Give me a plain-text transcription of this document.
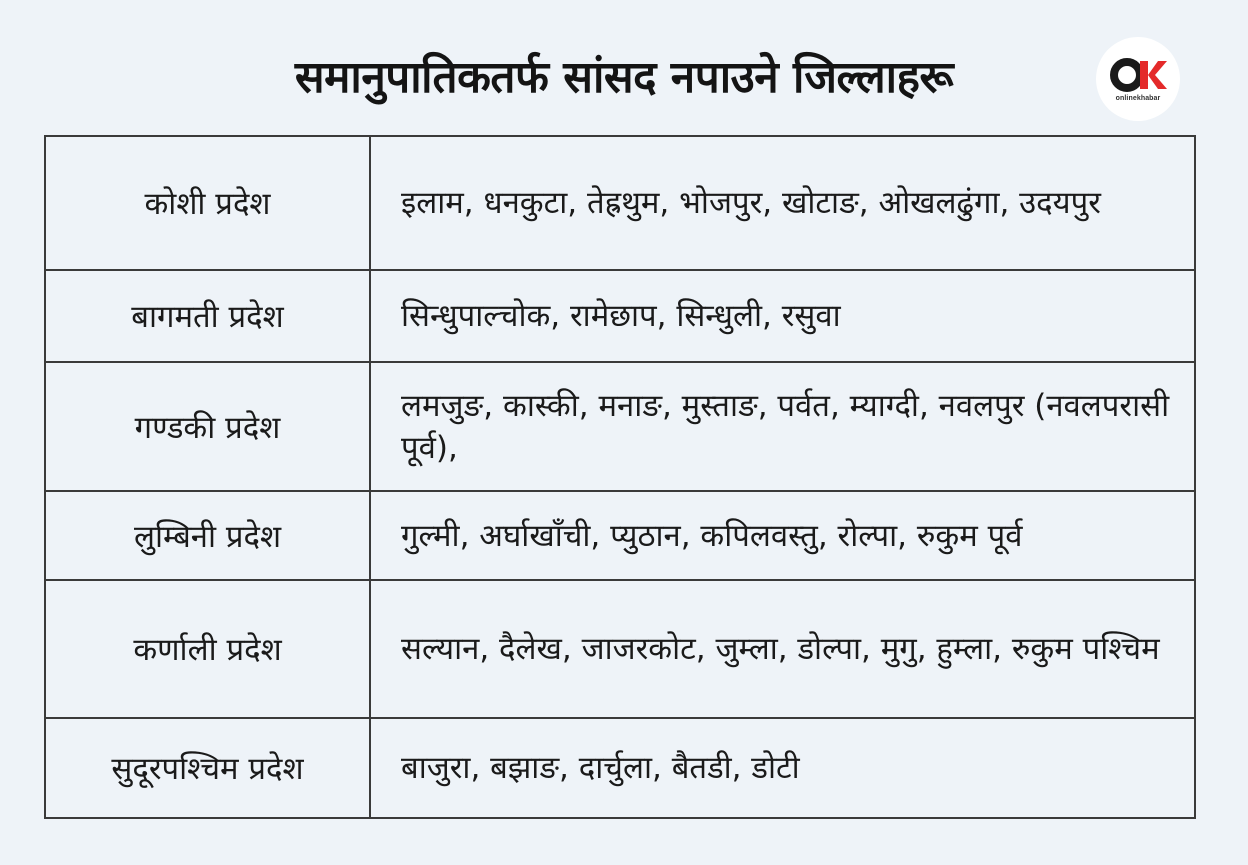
समानुपातिकतर्फ सांसद नपाउने जिल्लाहरू	onlinekhabar
कोशी प्रदेश	इलाम, धनकुटा, तेह्रथुम, भोजपुर, खोटाङ, ओखलढुंगा, उदयपुर
बागमती प्रदेश	सिन्धुपाल्चोक, रामेछाप, सिन्धुली, रसुवा
गण्डकी प्रदेश	लमजुङ, कास्की, मनाङ, मुस्ताङ, पर्वत, म्याग्दी, नवलपुर (नवलपरासी पूर्व),
लुम्बिनी प्रदेश	गुल्मी, अर्घाखाँची, प्युठान, कपिलवस्तु, रोल्पा, रुकुम पूर्व
कर्णाली प्रदेश	सल्यान, दैलेख, जाजरकोट, जुम्ला, डोल्पा, मुगु, हुम्ला, रुकुम पश्चिम
सुदूरपश्चिम प्रदेश	बाजुरा, बझाङ, दार्चुला, बैतडी, डोटी
